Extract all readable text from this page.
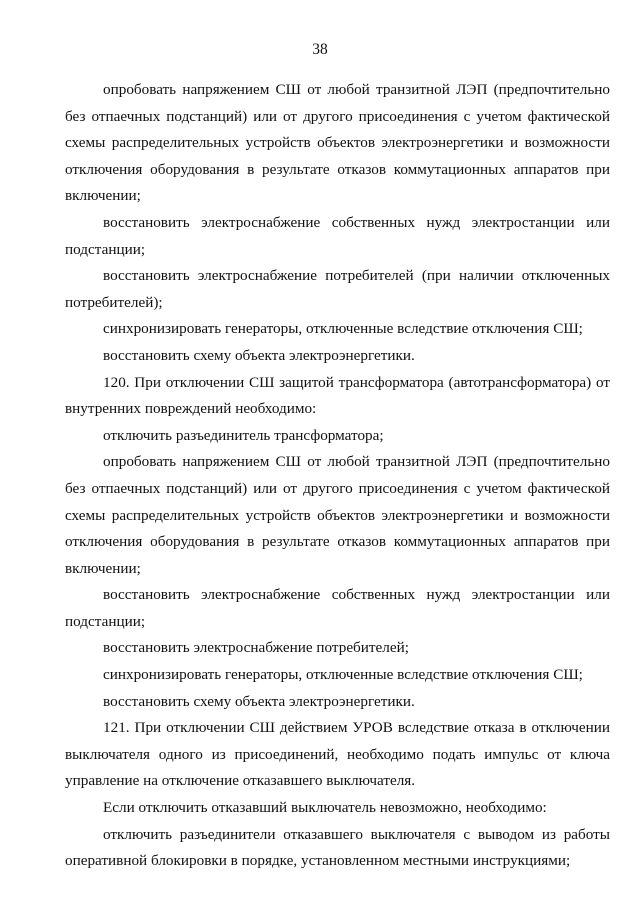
38

опробовать напряжением СШ от любой транзитной ЛЭП (предпочтительно без отпаечных подстанций) или от другого присоединения с учетом фактической схемы распределительных устройств объектов электроэнергетики и возможности отключения оборудования в результате отказов коммутационных аппаратов при включении;

восстановить электроснабжение собственных нужд электростанции или подстанции;

восстановить электроснабжение потребителей (при наличии отключенных потребителей);

синхронизировать генераторы, отключенные вследствие отключения СШ;

восстановить схему объекта электроэнергетики.

120. При отключении СШ защитой трансформатора (автотрансформатора) от внутренних повреждений необходимо:

отключить разъединитель трансформатора;

опробовать напряжением СШ от любой транзитной ЛЭП (предпочтительно без отпаечных подстанций) или от другого присоединения с учетом фактической схемы распределительных устройств объектов электроэнергетики и возможности отключения оборудования в результате отказов коммутационных аппаратов при включении;

восстановить электроснабжение собственных нужд электростанции или подстанции;

восстановить электроснабжение потребителей;

синхронизировать генераторы, отключенные вследствие отключения СШ;

восстановить схему объекта электроэнергетики.

121. При отключении СШ действием УРОВ вследствие отказа в отключении выключателя одного из присоединений, необходимо подать импульс от ключа управление на отключение отказавшего выключателя.

Если отключить отказавший выключатель невозможно, необходимо:

отключить разъединители отказавшего выключателя с выводом из работы оперативной блокировки в порядке, установленном местными инструкциями;
